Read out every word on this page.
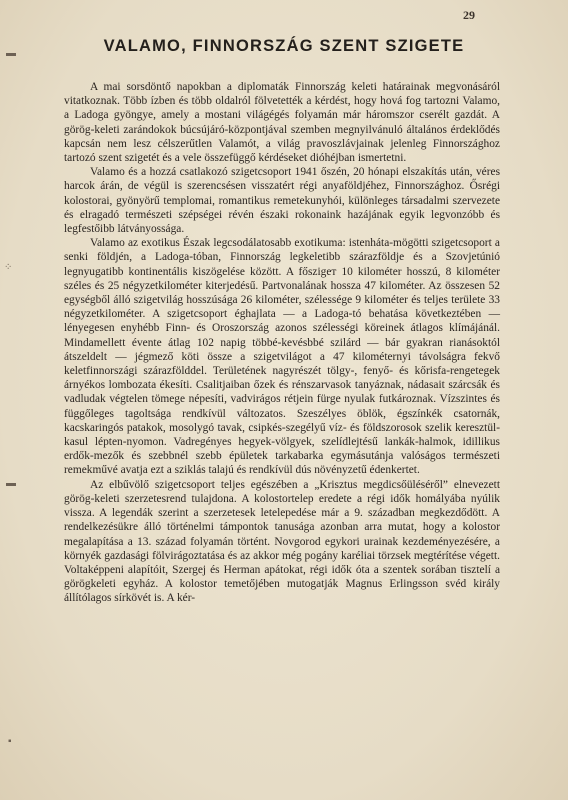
29
▬
⁘
▬
▪
VALAMO, FINNORSZÁG SZENT SZIGETE

A mai sorsdöntő napokban a diplomaták Finnország keleti határainak megvonásáról vitatkoznak. Több ízben és több oldalról fölvetették a kérdést, hogy hová fog tartozni Valamo, a Ladoga gyöngye, amely a mostani világégés folyamán már háromszor cserélt gazdát. A görög-keleti zarándokok búcsújáró-központjával szemben megnyilvánuló általános érdeklődés kapcsán nem lesz célszerűtlen Valamót, a világ pravoszlávjainak jelenleg Finnországhoz tartozó szent szigetét és a vele összefüggő kérdéseket dióhéjban ismertetni.

Valamo és a hozzá csatlakozó szigetcsoport 1941 őszén, 20 hónapi elszakítás után, véres harcok árán, de végül is szerencsésen visszatért régi anyaföldjéhez, Finnországhoz. Ősrégi kolostorai, gyönyörű templomai, romantikus remetekunyhói, különleges társadalmi szervezete és elragadó természeti szépségei révén északi rokonaink hazájának egyik legvonzóbb és legfestőibb látványossága.

Valamo az exotikus Észak legcsodálatosabb exotikuma: istenháta-mögötti szigetcsoport a senki földjén, a Ladoga-tóban, Finnország legkeletibb szárazföldje és a Szovjetúnió legnyugatibb kontinentális kiszögelése között. A főszigeт 10 kilométer hosszú, 8 kilométer széles és 25 négyzetkilométer kiterjedésű. Partvonalának hossza 47 kilométer. Az összesen 52 egységből álló szigetvilág hosszúsága 26 kilométer, szélessége 9 kilométer és teljes területe 33 négyzetkilométer. A szigetcsoport éghajlata — a Ladoga-tó behatása következtében — lényegesen enyhébb Finn- és Oroszország azonos szélességi köreinek átlagos klímájánál. Mindamellett évente átlag 102 napig többé-kevésbbé szilárd — bár gyakran rianásoktól átszeldelt — jégmező köti össze a szigetvilágot a 47 kilométernyi távolságra fekvő keletfinnországi szárazfölddel. Területének nagyrészét tölgy-, fenyő- és kőrisfa-rengetegek árnyékos lombozata ékesíti. Csalitjaiban őzek és rénszarvasok tanyáznak, nádasait szárcsák és vadludak végtelen tömege népesíti, vadvirágos rétjein fürge nyulak futkároznak. Vízszintes és függőleges tagoltsága rendkívül változatos. Szeszélyes öblök, égszínkék csatornák, kacskaringós patakok, mosolygó tavak, csipkés-szegélyű víz- és földszorosok szelik keresztül-kasul lépten-nyomon. Vadregényes hegyek-völgyek, szelídlejtésű lankák-halmok, idillikus erdők-mezők és szebbnél szebb épületek tarkabarka egymásutánja valóságos természeti remekművé avatja ezt a sziklás talajú és rendkívül dús növényzetű édenkertet.

Az elbűvölő szigetcsoport teljes egészében a „Krisztus megdicsőüléséről” elnevezett görög-keleti szerzetesrend tulajdona. A kolostortelep eredete a régi idők homályába nyúlik vissza. A legendák szerint a szerzetesek letelepedése már a 9. században megkezdődött. A rendelkezésükre álló történelmi támpontok tanusága azonban arra mutat, hogy a kolostor megalapítása a 13. század folyamán történt. Novgorod egykori urainak kezdeményezésére, a környék gazdasági fölvirágoztatása és az akkor még pogány karéliai törzsek megtérítése végett. Voltaképpeni alapítóit, Szergej és Herman apátokat, régi idők óta a szentek sorában tisztelí a görögkeleti egyház. A kolostor temetőjében mutogatják Magnus Erlingsson svéd király állítólagos sírkövét is. A kér-
